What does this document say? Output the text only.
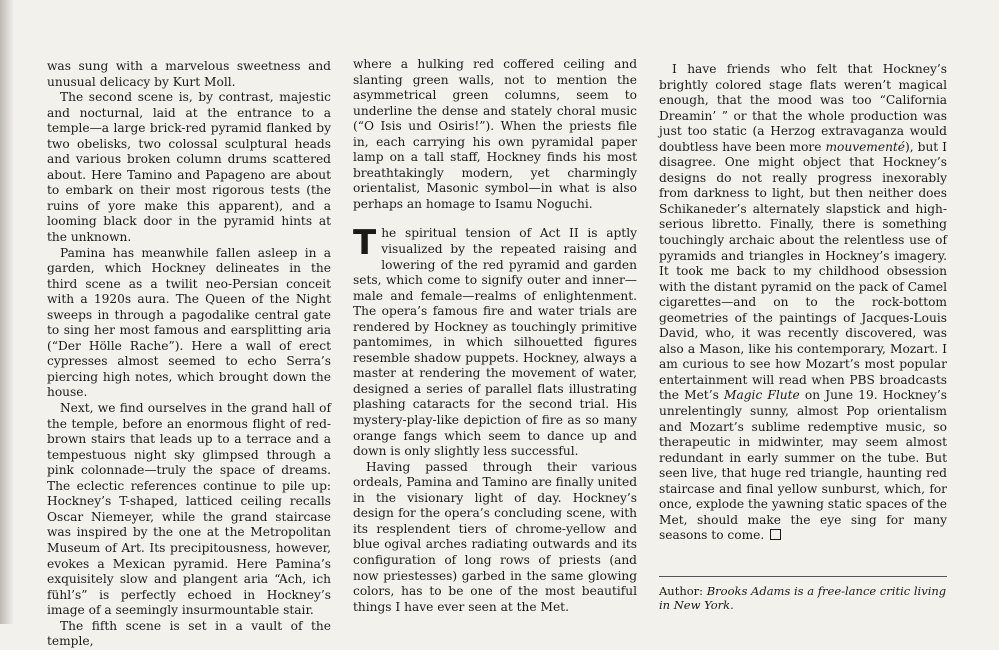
was sung with a marvelous sweetness and unusual delicacy by Kurt Moll.

The second scene is, by contrast, majestic and nocturnal, laid at the entrance to a temple—a large brick-red pyramid flanked by two obelisks, two colossal sculptural heads and various broken column drums scattered about. Here Tamino and Papageno are about to embark on their most rigorous tests (the ruins of yore make this apparent), and a looming black door in the pyramid hints at the unknown.

Pamina has meanwhile fallen asleep in a garden, which Hockney delineates in the third scene as a twilit neo-Persian conceit with a 1920s aura. The Queen of the Night sweeps in through a pagodalike central gate to sing her most famous and earsplitting aria (“Der Hölle Rache”). Here a wall of erect cypresses almost seemed to echo Serra’s piercing high notes, which brought down the house.

Next, we find ourselves in the grand hall of the temple, before an enormous flight of red-brown stairs that leads up to a terrace and a tempestuous night sky glimpsed through a pink colonnade—truly the space of dreams. The eclectic references continue to pile up: Hockney’s T-shaped, latticed ceiling recalls Oscar Niemeyer, while the grand staircase was inspired by the one at the Metropolitan Museum of Art. Its precipitousness, however, evokes a Mexican pyramid. Here Pamina’s exquisitely slow and plangent aria “Ach, ich fühl’s” is perfectly echoed in Hockney’s image of a seemingly insurmountable stair.

The fifth scene is set in a vault of the temple,

where a hulking red coffered ceiling and slanting green walls, not to mention the asymmetrical green columns, seem to underline the dense and stately choral music (“O Isis und Osiris!”). When the priests file in, each carrying his own pyramidal paper lamp on a tall staff, Hockney finds his most breathtakingly modern, yet charmingly orientalist, Masonic symbol—in what is also perhaps an homage to Isamu Noguchi.

The spiritual tension of Act II is aptly visualized by the repeated raising and lowering of the red pyramid and garden sets, which come to signify outer and inner—male and female—realms of enlightenment. The opera’s famous fire and water trials are rendered by Hockney as touchingly primitive pantomimes, in which silhouetted figures resemble shadow puppets. Hockney, always a master at rendering the movement of water, designed a series of parallel flats illustrating plashing cataracts for the second trial. His mystery-play-like depiction of fire as so many orange fangs which seem to dance up and down is only slightly less successful.

Having passed through their various ordeals, Pamina and Tamino are finally united in the visionary light of day. Hockney’s design for the opera’s concluding scene, with its resplendent tiers of chrome-yellow and blue ogival arches radiating outwards and its configuration of long rows of priests (and now priestesses) garbed in the same glowing colors, has to be one of the most beautiful things I have ever seen at the Met.

I have friends who felt that Hockney’s brightly colored stage flats weren’t magical enough, that the mood was too “California Dreamin’ ” or that the whole production was just too static (a Herzog extravaganza would doubtless have been more mouvementé), but I disagree. One might object that Hockney’s designs do not really progress inexorably from darkness to light, but then neither does Schikaneder’s alternately slapstick and high-serious libretto. Finally, there is something touchingly archaic about the relentless use of pyramids and triangles in Hockney’s imagery. It took me back to my childhood obsession with the distant pyramid on the pack of Camel cigarettes—and on to the rock-bottom geometries of the paintings of Jacques-Louis David, who, it was recently discovered, was also a Mason, like his contemporary, Mozart. I am curious to see how Mozart’s most popular entertainment will read when PBS broadcasts the Met’s Magic Flute on June 19. Hockney’s unrelentingly sunny, almost Pop orientalism and Mozart’s sublime redemptive music, so therapeutic in midwinter, may seem almost redundant in early summer on the tube. But seen live, that huge red triangle, haunting red staircase and final yellow sunburst, which, for once, explode the yawning static spaces of the Met, should make the eye sing for many seasons to come.

Author: Brooks Adams is a free-lance critic living in New York.
